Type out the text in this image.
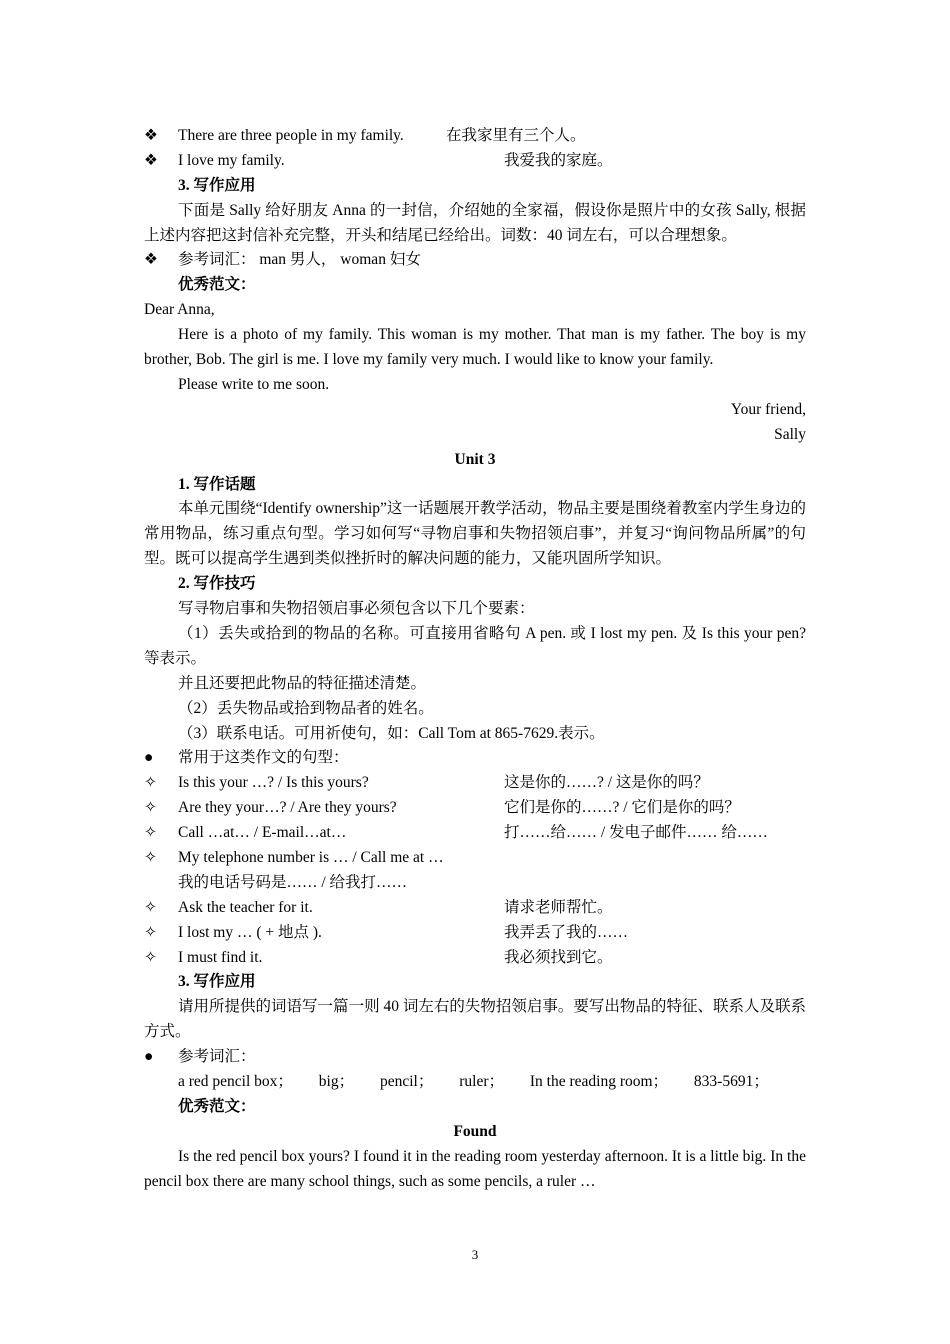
❖	There are three people in my family.	在我家里有三个人。
❖	I love my family.	我爱我的家庭。
3. 写作应用
下面是 Sally 给好朋友 Anna 的一封信，介绍她的全家福，假设你是照片中的女孩 Sally, 根据上述内容把这封信补充完整，开头和结尾已经给出。词数：40 词左右，可以合理想象。
❖	参考词汇： man 男人， woman 妇女
优秀范文：
Dear Anna,
Here is a photo of my family. This woman is my mother. That man is my father. The boy is my brother, Bob. The girl is me. I love my family very much. I would like to know your family.
Please write to me soon.
Your friend,
Sally
Unit 3
1. 写作话题
本单元围绕“Identify ownership”这一话题展开教学活动，物品主要是围绕着教室内学生身边的常用物品，练习重点句型。学习如何写“寻物启事和失物招领启事”，并复习“询问物品所属”的句型。既可以提高学生遇到类似挫折时的解决问题的能力，又能巩固所学知识。
2. 写作技巧
写寻物启事和失物招领启事必须包含以下几个要素：
（1）丢失或拾到的物品的名称。可直接用省略句 A pen. 或 I lost my pen. 及 Is this your pen? 等表示。
并且还要把此物品的特征描述清楚。
（2）丢失物品或拾到物品者的姓名。
（3）联系电话。可用祈使句，如：Call Tom at 865-7629.表示。
●	常用于这类作文的句型：
✧	Is this your …? / Is this yours?	这是你的……? / 这是你的吗？
✧	Are they your…? / Are they yours?	它们是你的……? / 它们是你的吗？
✧	Call …at… / E-mail…at…	打……给…… / 发电子邮件…… 给……
✧	My telephone number is … / Call me at …
我的电话号码是…… / 给我打……
✧	Ask the teacher for it.	请求老师帮忙。
✧	I lost my … ( + 地点 ).	我弄丢了我的……
✧	I must find it.	我必须找到它。
3. 写作应用
请用所提供的词语写一篇一则 40 词左右的失物招领启事。要写出物品的特征、联系人及联系方式。
●	参考词汇：
a red pencil box； big； pencil； ruler； In the reading room； 833-5691；
优秀范文：
Found
Is the red pencil box yours? I found it in the reading room yesterday afternoon. It is a little big. In the pencil box there are many school things, such as some pencils, a ruler …
3
